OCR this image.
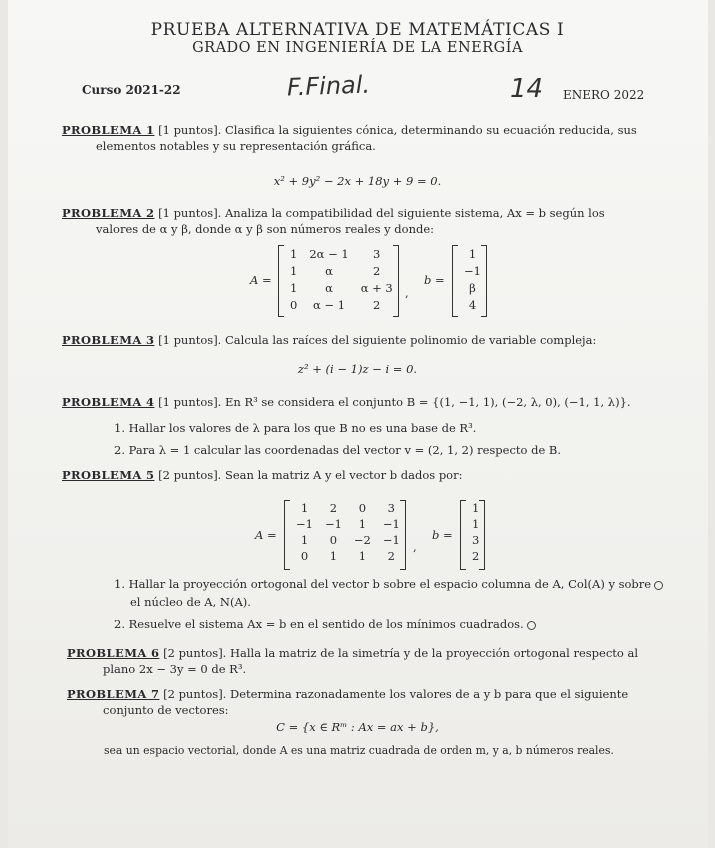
PRUEBA ALTERNATIVA DE MATEMÁTICAS I
GRADO EN INGENIERÍA DE LA ENERGÍA
Curso 2021-22	F.Final.	14 ENERO 2022
PROBLEMA 1 [1 puntos]. Clasifica la siguientes cónica, determinando su ecuación reducida, sus
elementos notables y su representación gráfica.
x² + 9y² − 2x + 18y + 9 = 0.
PROBLEMA 2 [1 puntos]. Analiza la compatibilidad del siguiente sistema, Ax = b según los
valores de α y β, donde α y β son números reales y donde:
A =
1	2α − 1	3
1	α	2
1	α	α + 3
0	α − 1	2
,
b =
1
−1
β
4
PROBLEMA 3 [1 puntos]. Calcula las raíces del siguiente polinomio de variable compleja:
z² + (i − 1)z − i = 0.
PROBLEMA 4 [1 puntos]. En R³ se considera el conjunto B = {(1, −1, 1), (−2, λ, 0), (−1, 1, λ)}.
1. Hallar los valores de λ para los que B no es una base de R³.
2. Para λ = 1 calcular las coordenadas del vector v = (2, 1, 2) respecto de B.
PROBLEMA 5 [2 puntos]. Sean la matriz A y el vector b dados por:
A =
1	2	0	3
−1	−1	1	−1
1	0	−2	−1
0	1	1	2
,
b =
1
1
3
2
1. Hallar la proyección ortogonal del vector b sobre el espacio columna de A, Col(A) y sobre
el núcleo de A, N(A).
2. Resuelve el sistema Ax = b en el sentido de los mínimos cuadrados.
PROBLEMA 6 [2 puntos]. Halla la matriz de la simetría y de la proyección ortogonal respecto al
plano 2x − 3y = 0 de R³.
PROBLEMA 7 [2 puntos]. Determina razonadamente los valores de a y b para que el siguiente
conjunto de vectores:
C = {x ∈ Rᵐ : Ax = ax + b},
sea un espacio vectorial, donde A es una matriz cuadrada de orden m, y a, b números reales.
